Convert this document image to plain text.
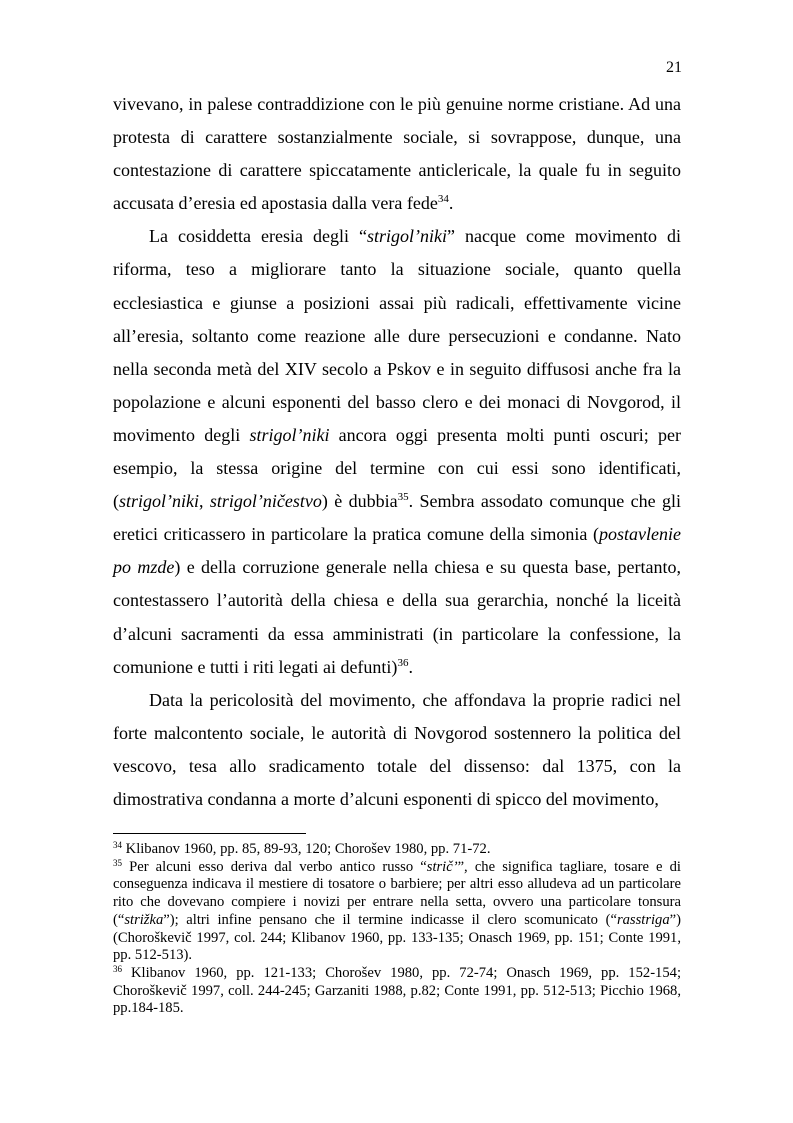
21

vivevano, in palese contraddizione con le più genuine norme cristiane. Ad una protesta di carattere sostanzialmente sociale, si sovrappose, dunque, una contestazione di carattere spiccatamente anticlericale, la quale fu in seguito accusata d’eresia ed apostasia dalla vera fede$^{34}$.

La cosiddetta eresia degli “strigol’niki” nacque come movimento di riforma, teso a migliorare tanto la situazione sociale, quanto quella ecclesiastica e giunse a posizioni assai più radicali, effettivamente vicine all’eresia, soltanto come reazione alle dure persecuzioni e condanne. Nato nella seconda metà del XIV secolo a Pskov e in seguito diffusosi anche fra la popolazione e alcuni esponenti del basso clero e dei monaci di Novgorod, il movimento degli strigol’niki ancora oggi presenta molti punti oscuri; per esempio, la stessa origine del termine con cui essi sono identificati, (strigol’niki, strigol’ničestvo) è dubbia$^{35}$. Sembra assodato comunque che gli eretici criticassero in particolare la pratica comune della simonia (postavlenie po mzde) e della corruzione generale nella chiesa e su questa base, pertanto, contestassero l’autorità della chiesa e della sua gerarchia, nonché la liceità d’alcuni sacramenti da essa amministrati (in particolare la confessione, la comunione e tutti i riti legati ai defunti)$^{36}$.

Data la pericolosità del movimento, che affondava la proprie radici nel forte malcontento sociale, le autorità di Novgorod sostennero la politica del vescovo, tesa allo sradicamento totale del dissenso: dal 1375, con la dimostrativa condanna a morte d’alcuni esponenti di spicco del movimento,

$^{34}$ Klibanov 1960, pp. 85, 89-93, 120; Chorošev 1980, pp. 71-72.

$^{35}$ Per alcuni esso deriva dal verbo antico russo “strič’”, che significa tagliare, tosare e di conseguenza indicava il mestiere di tosatore o barbiere; per altri esso alludeva ad un particolare rito che dovevano compiere i novizi per entrare nella setta, ovvero una particolare tonsura (“strižka”); altri infine pensano che il termine indicasse il clero scomunicato (“rasstriga”) (Choroškevič 1997, col. 244; Klibanov 1960, pp. 133-135; Onasch 1969, pp. 151; Conte 1991, pp. 512-513).

$^{36}$ Klibanov 1960, pp. 121-133; Chorošev 1980, pp. 72-74; Onasch 1969, pp. 152-154; Choroškevič 1997, coll. 244-245; Garzaniti 1988, p.82; Conte 1991, pp. 512-513; Picchio 1968, pp.184-185.
